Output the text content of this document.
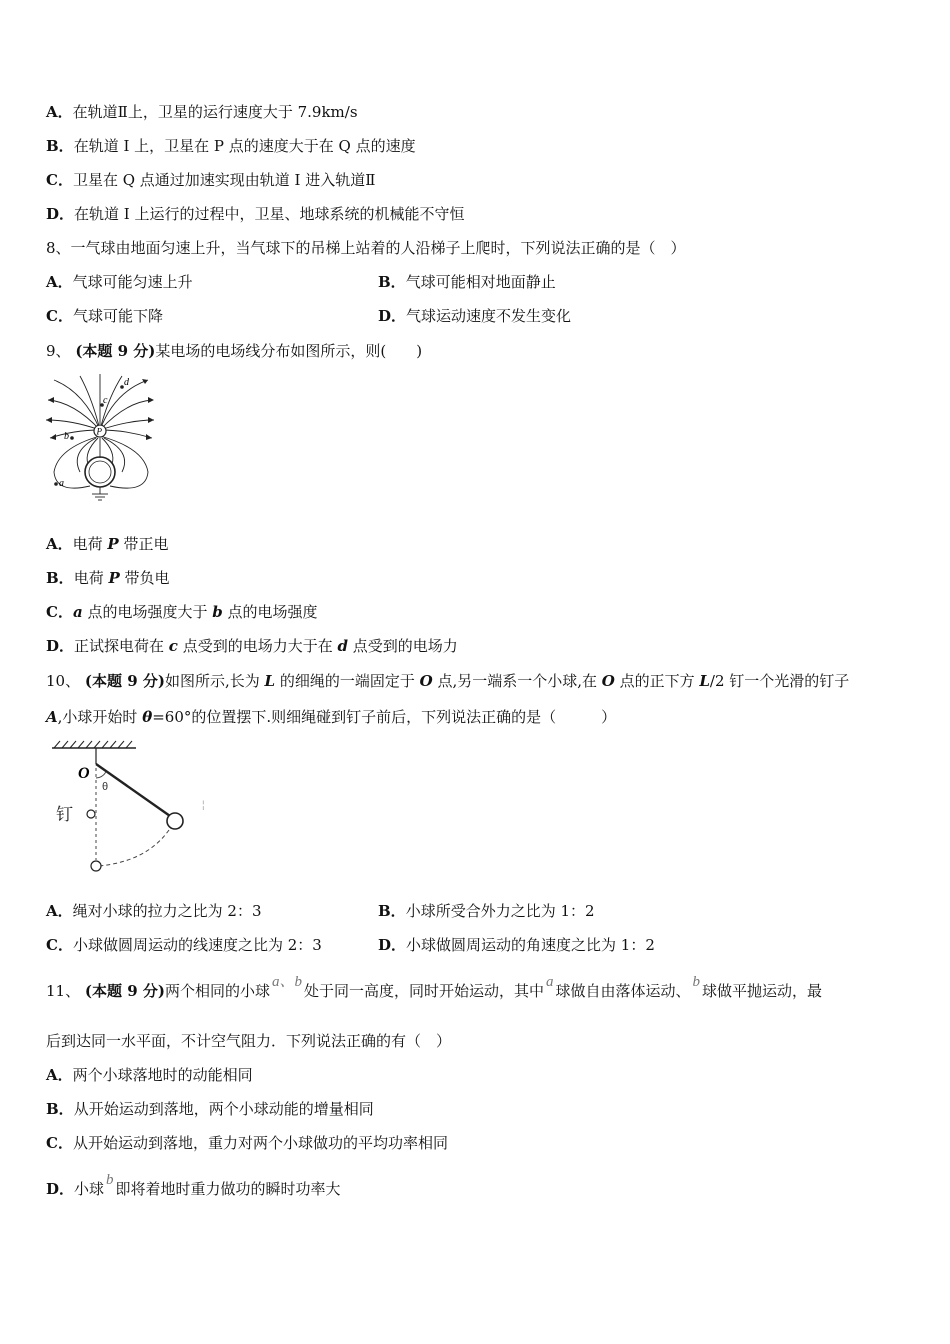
A．在轨道Ⅱ上，卫星的运行速度大于 7.9km/s
B．在轨道 I 上，卫星在 P 点的速度大于在 Q 点的速度
C．卫星在 Q 点通过加速实现由轨道 I 进入轨道Ⅱ
D．在轨道 I 上运行的过程中，卫星、地球系统的机械能不守恒
8、一气球由地面匀速上升，当气球下的吊梯上站着的人沿梯子上爬时，下列说法正确的是（　）
A．气球可能匀速上升	B．气球可能相对地面静止
C．气球可能下降	D．气球运动速度不发生变化
9、 (本题 9 分)某电场的电场线分布如图所示，则(　　)
P
d
c
b
a
A．电荷 P 带正电
B．电荷 P 带负电
C．a 点的电场强度大于 b 点的电场强度
D．正试探电荷在 c 点受到的电场力大于在 d 点受到的电场力
10、 (本题 9 分)如图所示,长为 L 的细绳的一端固定于 O 点,另一端系一个小球,在 O 点的正下方 L/2 钉一个光滑的钉子
A,小球开始时 θ=60°的位置摆下.则细绳碰到钉子前后，下列说法正确的是（　　　）
O
θ
钉	¦
A．绳对小球的拉力之比为 2：3	B．小球所受合外力之比为 1：2
C．小球做圆周运动的线速度之比为 2：3	D．小球做圆周运动的角速度之比为 1：2
11、 (本题 9 分)两个相同的小球 a、b 处于同一高度，同时开始运动，其中 a 球做自由落体运动、 b 球做平抛运动，最
后到达同一水平面，不计空气阻力．下列说法正确的有（　）
A．两个小球落地时的动能相同
B．从开始运动到落地，两个小球动能的增量相同
C．从开始运动到落地，重力对两个小球做功的平均功率相同
D．小球 b 即将着地时重力做功的瞬时功率大
